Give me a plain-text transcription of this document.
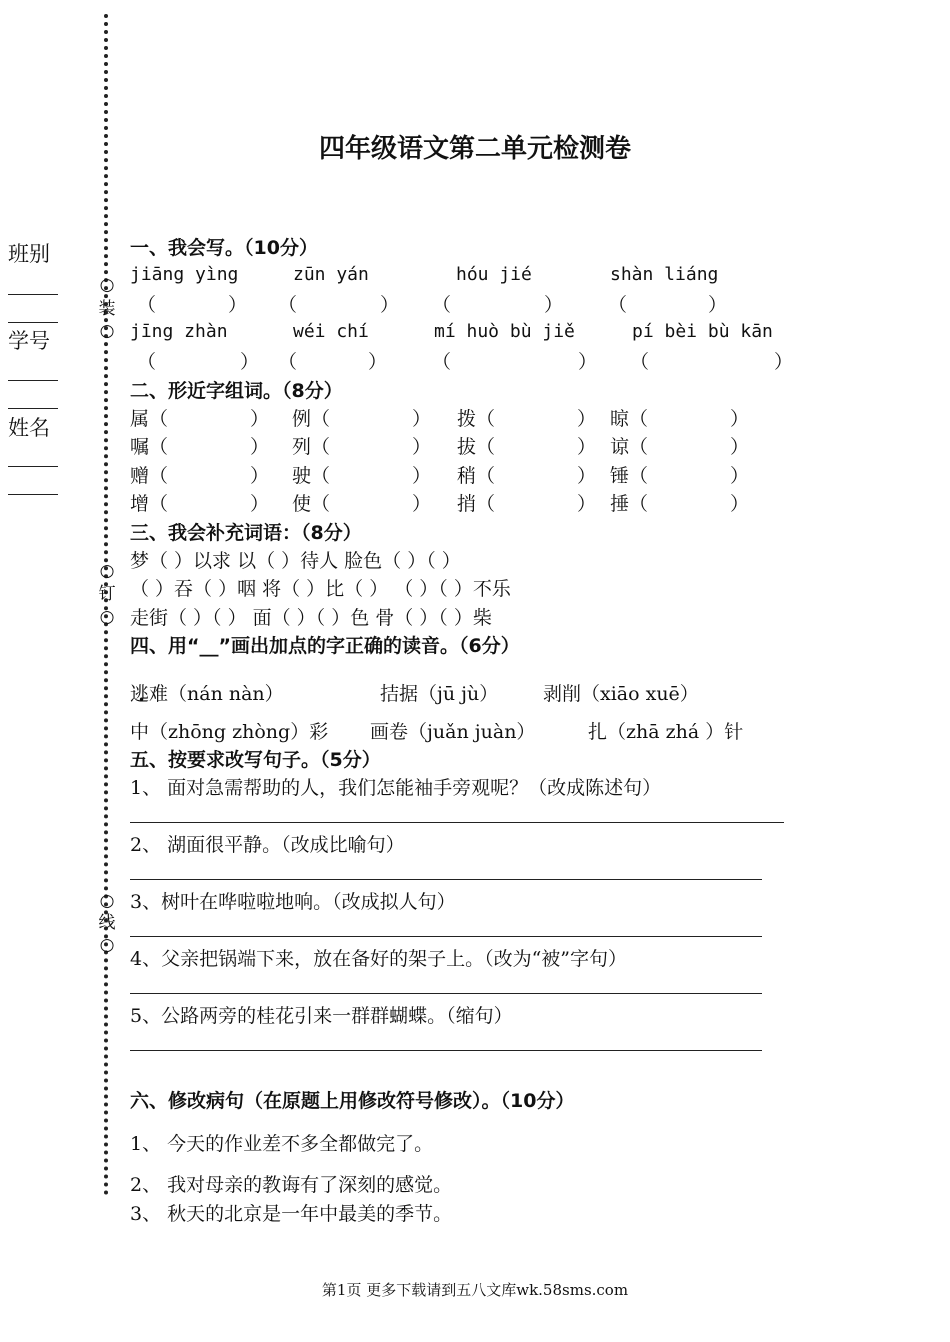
班别
学号
姓名
○
装
○
○
钉
○
○
线
○
四年级语文第二单元检测卷
一、我会写。（10分）
jiāng yìng	zūn yán	hóu jié	shàn liáng
（	） （	） （	） （	）
jīng zhàn	wéi chí	mí huò bù jiě	pí bèi bù kān
（	） （	） （	） （	）
二、形近字组词。（8分）
属（	） 例（	） 拨（	） 晾（	）
嘱（	） 列（	） 拔（	） 谅（	）
赠（	） 驶（	） 稍（	） 锤（	）
增（	） 使（	） 捎（	） 捶（	）
三、我会补充词语：（8分）
梦（ ）以求 以（ ）待人 脸色（ ）（ ）
（ ）吞（ ）咽 将（ ）比（ ） （ ）（ ）不乐
走街（ ）（ ） 面（ ）（ ）色 骨（ ）（ ）柴
四、用“__”画出加点的字正确的读音。（6分）
逃难（nán nàn） •	拮据（jū jù） 剥削（xiāo xuē）
中（zhōng zhòng）彩 画卷（juǎn juàn）	扎（zhā zhá ）针
五、按要求改写句子。（5分）
1、 面对急需帮助的人，我们怎能袖手旁观呢？（改成陈述句）
2、 湖面很平静。（改成比喻句）
3、树叶在哗啦啦地响。（改成拟人句）
4、父亲把锅端下来，放在备好的架子上。（改为“被”字句）
5、公路两旁的桂花引来一群群蝴蝶。（缩句）
六、修改病句（在原题上用修改符号修改）。（10分）
1、 今天的作业差不多全都做完了。
2、 我对母亲的教诲有了深刻的感觉。
3、 秋天的北京是一年中最美的季节。
第1页 更多下载请到五八文库wk.58sms.com
